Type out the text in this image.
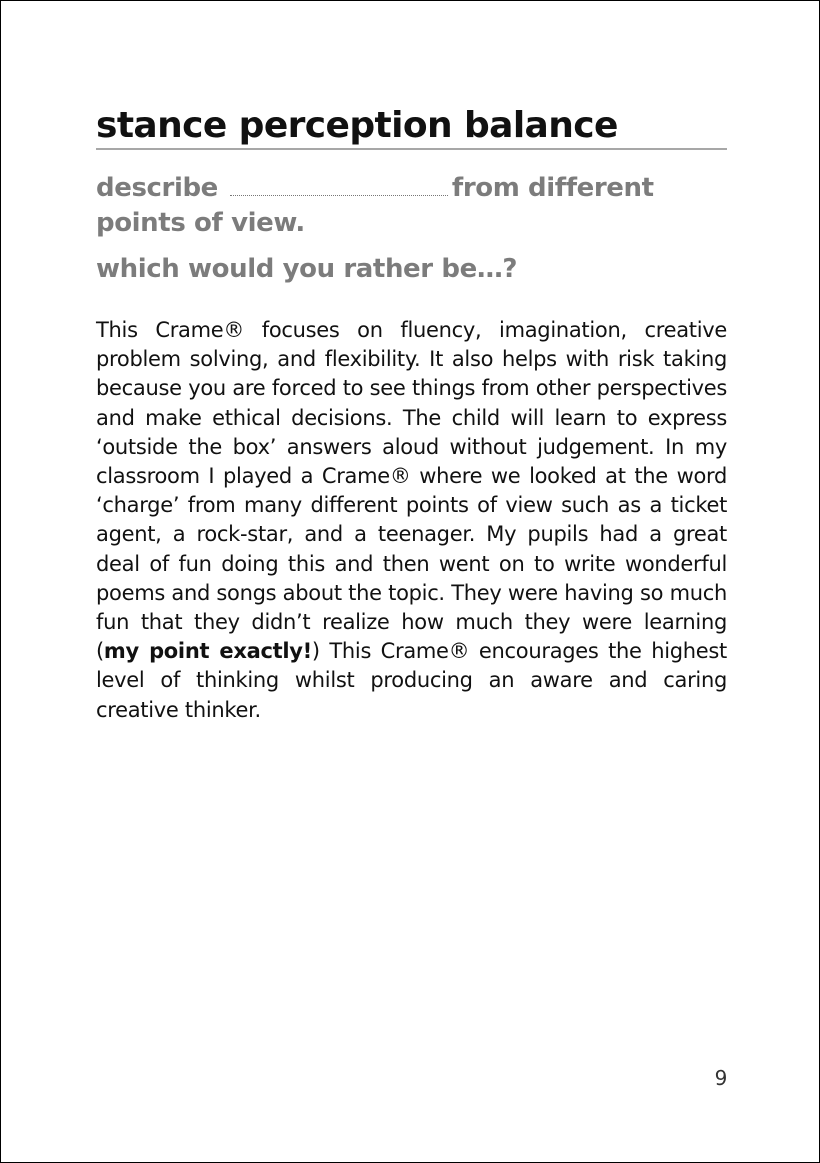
stance perception balance
describe	from different
points of view.
which would you rather be…?

This Crame® focuses on fluency, imagination, creative problem solving, and flexibility. It also helps with risk taking because you are forced to see things from other perspectives and make ethical decisions. The child will learn to express ‘outside the box’ answers aloud without judgement. In my classroom I played a Crame® where we looked at the word ‘charge’ from many different points of view such as a ticket agent, a rock-star, and a teenager. My pupils had a great deal of fun doing this and then went on to write wonderful poems and songs about the topic. They were having so much fun that they didn’t realize how much they were learning (my point exactly!) This Crame® encourages the highest level of thinking whilst producing an aware and caring creative thinker.

9
